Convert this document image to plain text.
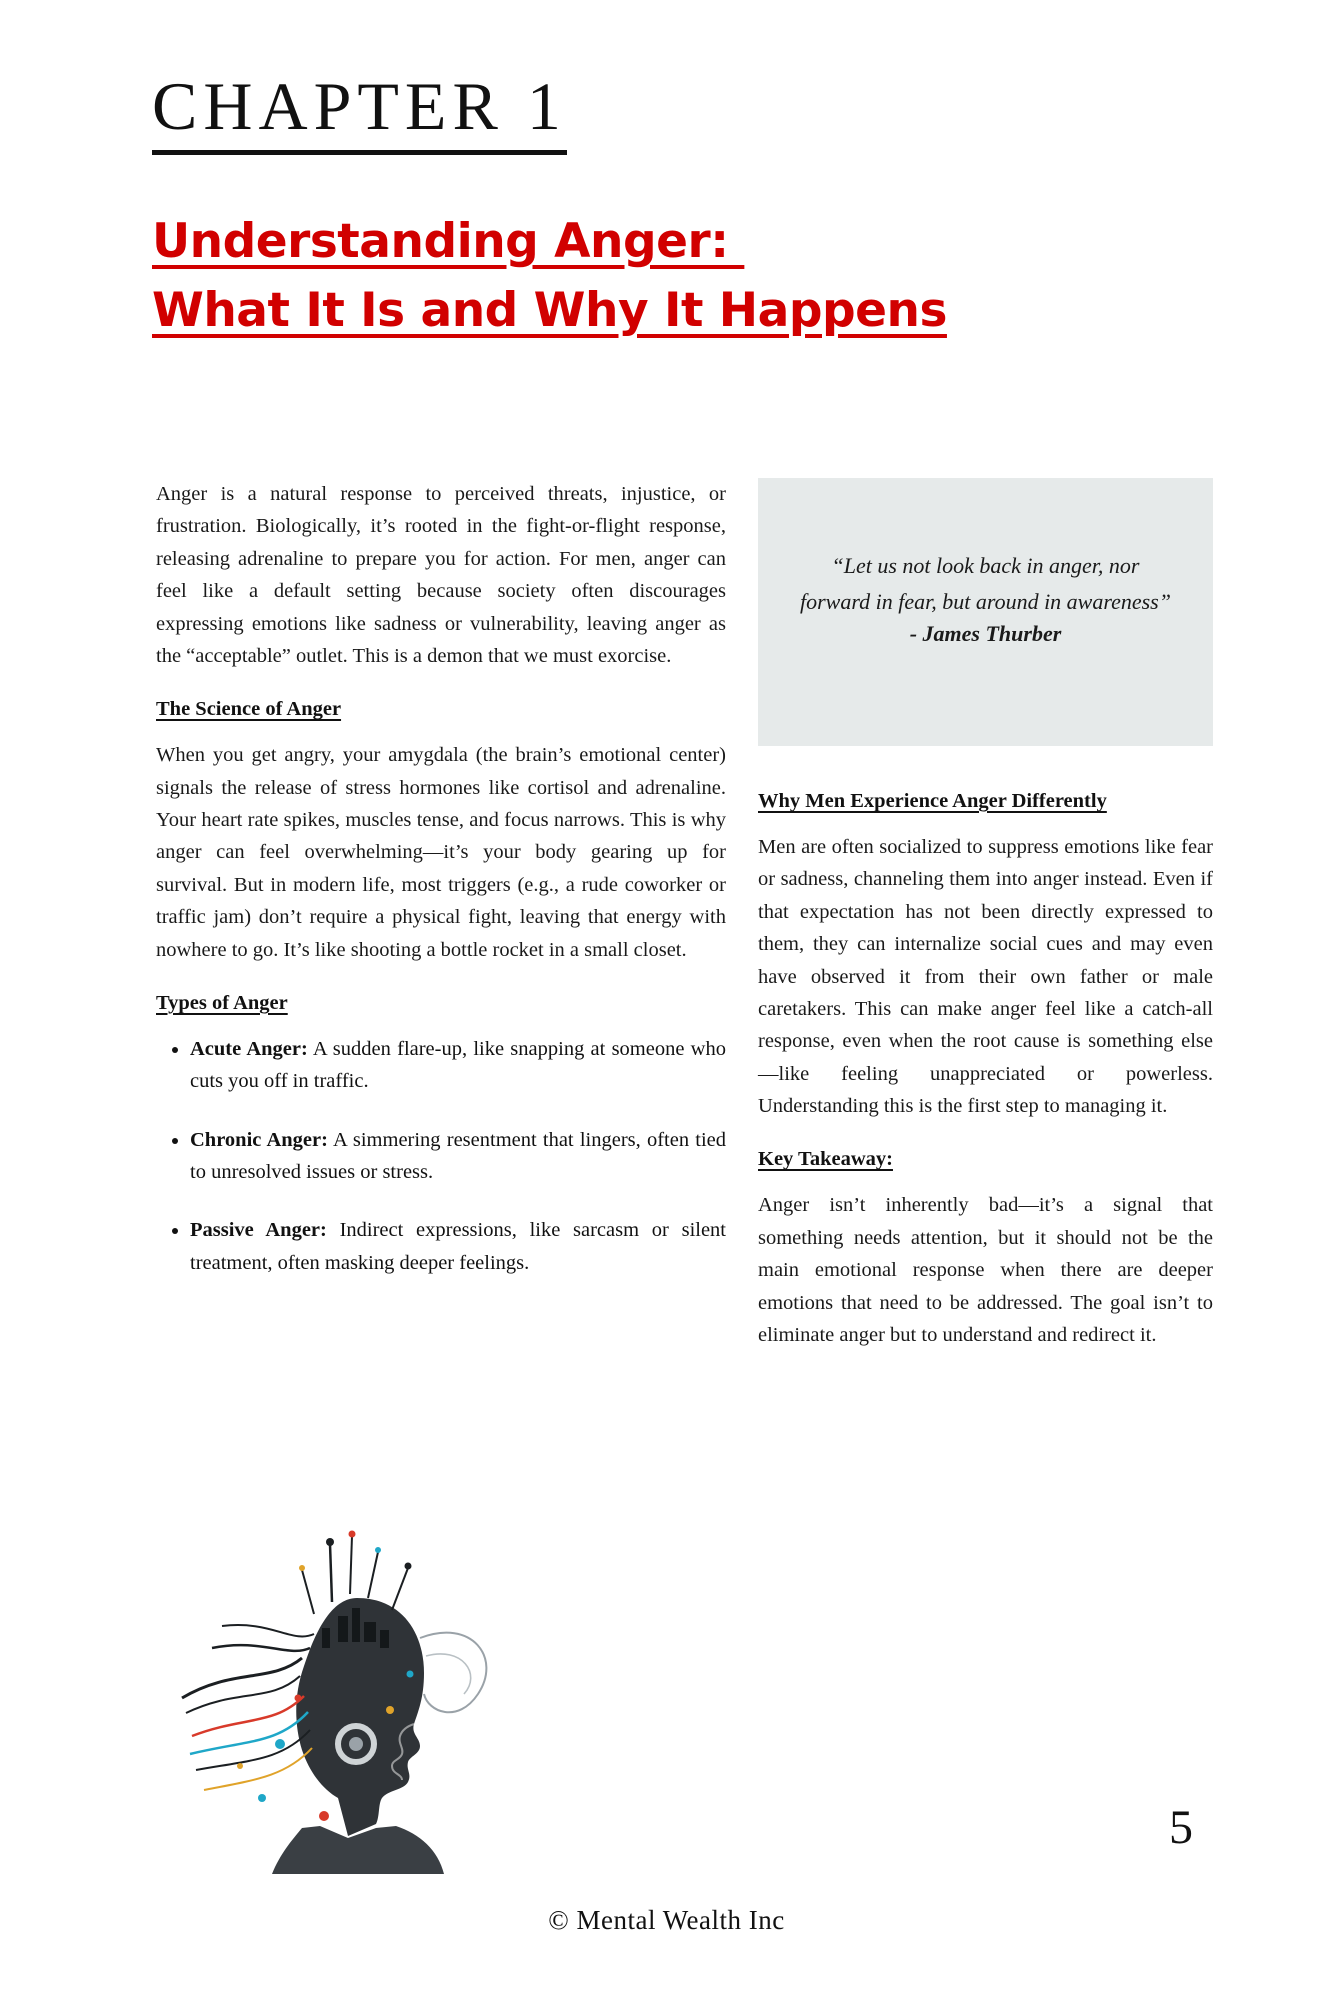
CHAPTER 1
Understanding Anger:
What It Is and Why It Happens

Anger is a natural response to perceived threats, injustice, or frustration. Biologically, it’s rooted in the fight-or-flight response, releasing adrenaline to prepare you for action. For men, anger can feel like a default setting because society often discourages expressing emotions like sadness or vulnerability, leaving anger as the “acceptable” outlet. This is a demon that we must exorcise.

The Science of Anger

When you get angry, your amygdala (the brain’s emotional center) signals the release of stress hormones like cortisol and adrenaline. Your heart rate spikes, muscles tense, and focus narrows. This is why anger can feel overwhelming—it’s your body gearing up for survival. But in modern life, most triggers (e.g., a rude coworker or traffic jam) don’t require a physical fight, leaving that energy with nowhere to go. It’s like shooting a bottle rocket in a small closet.

Types of Anger
• Acute Anger: A sudden flare-up, like snapping at someone who cuts you off in traffic.
• Chronic Anger: A simmering resentment that lingers, often tied to unresolved issues or stress.
• Passive Anger: Indirect expressions, like sarcasm or silent treatment, often masking deeper feelings.

“Let us not look back in anger, nor forward in fear, but around in awareness”

- James Thurber

Why Men Experience Anger Differently

Men are often socialized to suppress emotions like fear or sadness, channeling them into anger instead. Even if that expectation has not been directly expressed to them, they can internalize social cues and may even have observed it from their own father or male caretakers. This can make anger feel like a catch-all response, even when the root cause is something else—like feeling unappreciated or powerless. Understanding this is the first step to managing it.

Key Takeaway:

Anger isn’t inherently bad—it’s a signal that something needs attention, but it should not be the main emotional response when there are deeper emotions that need to be addressed. The goal isn’t to eliminate anger but to understand and redirect it.

5
© Mental Wealth Inc
